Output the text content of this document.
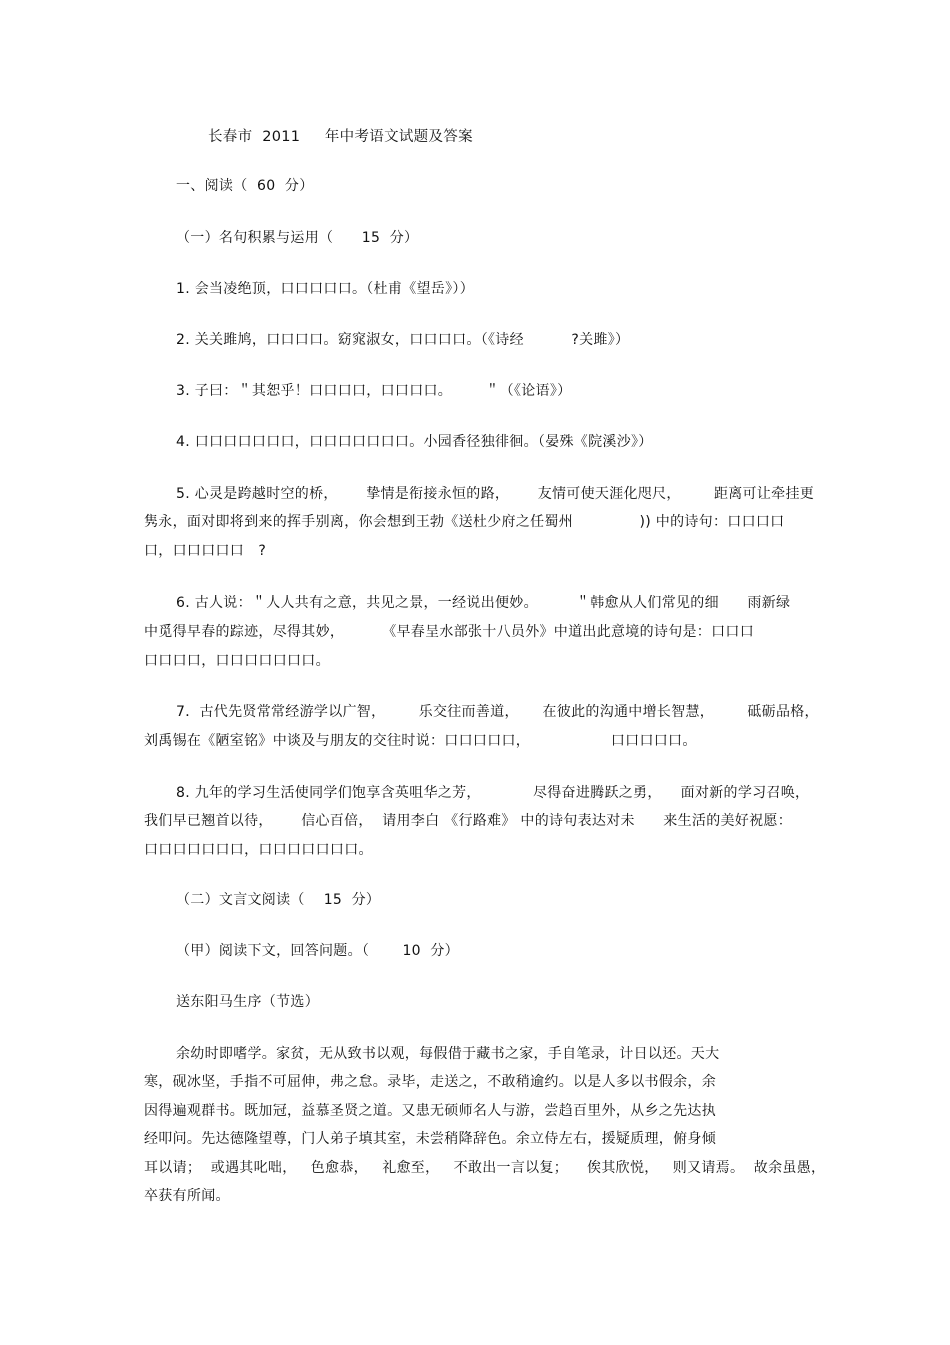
长春市  2011     年中考语文试题及答案
一、阅读（  60  分）
（一）名句积累与运用（      15  分）
1. 会当凌绝顶，口口口口口。（杜甫《望岳》））
2. 关关雎鸠，口口口口。窈窕淑女，口口口口。（《诗经          ?关雎》）
3. 子曰：＂其恕乎！口口口口，口口口口。       ＂（《论语》）
4. 口口口口口口口，口口口口口口口。小园香径独徘徊。（晏殊《院溪沙》）
5. 心灵是跨越时空的桥，      挚情是衔接永恒的路，      友情可使天涯化咫尺，       距离可让牵挂更
隽永，面对即将到来的挥手别离，你会想到王勃《送杜少府之任蜀州              )) 中的诗句：口口口口
口，口口口口口   ?
6. 古人说：＂人人共有之意，共见之景，一经说出便妙。        ＂韩愈从人们常见的细      雨新绿
中觅得早春的踪迹，尽得其妙，        《早春呈水部张十八员外》中道出此意境的诗句是：口口口
口口口口，口口口口口口口。
7．古代先贤常常经游学以广智，       乐交往而善道，     在彼此的沟通中增长智慧，       砥砺品格，
刘禹锡在《陋室铭》中谈及与朋友的交往时说：口口口口口，                 口口口口口。
8. 九年的学习生活使同学们饱享含英咀华之芳，           尽得奋进腾跃之勇，    面对新的学习召唤，
我们早已翘首以待，      信心百倍，  请用李白 《行路难》 中的诗句表达对未      来生活的美好祝愿：
口口口口口口口，口口口口口口口。
（二）文言文阅读（    15  分）
（甲）阅读下文，回答问题。（       10  分）
送东阳马生序（节选）
余幼时即嗜学。家贫，无从致书以观，每假借于藏书之家，手自笔录，计日以还。天大
寒，砚冰坚，手指不可屈伸，弗之怠。录毕，走送之，不敢稍逾约。以是人多以书假余，余
因得遍观群书。既加冠，益慕圣贤之道。又患无硕师名人与游，尝趋百里外，从乡之先达执
经叩问。先达德隆望尊，门人弟子填其室，未尝稍降辞色。余立侍左右，援疑质理，俯身倾
耳以请；  或遇其叱咄，   色愈恭，   礼愈至，   不敢出一言以复；    俟其欣悦，   则又请焉。  故余虽愚，
卒获有所闻。
